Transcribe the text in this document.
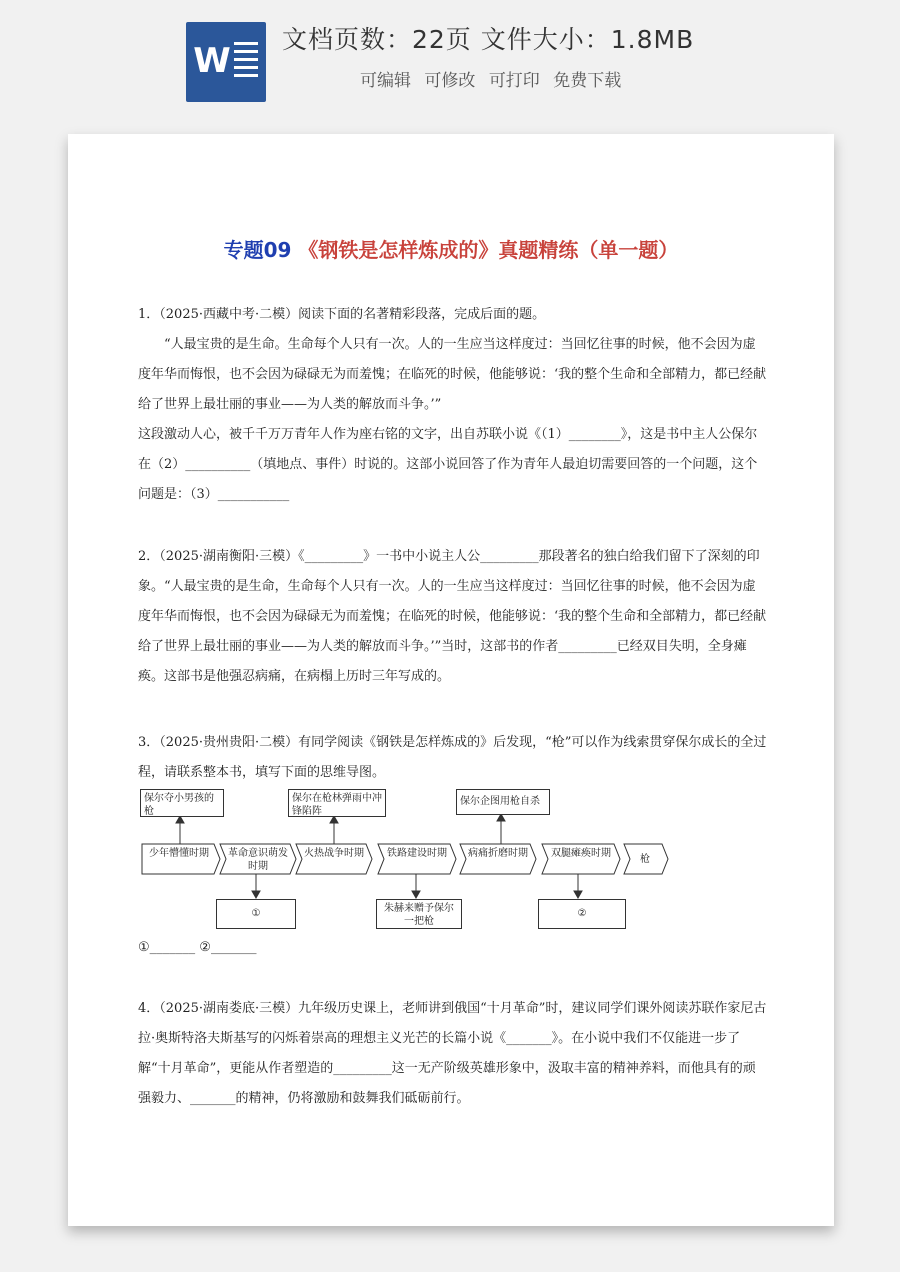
W
文档页数：22页 文件大小：1.8MB
可编辑 可修改 可打印 免费下载
专题09 《钢铁是怎样炼成的》真题精练（单一题）

1．（2025·西藏中考·二模）阅读下面的名著精彩段落，完成后面的题。

“人最宝贵的是生命。生命每个人只有一次。人的一生应当这样度过：当回忆往事的时候，他不会因为虚度年华而悔恨，也不会因为碌碌无为而羞愧；在临死的时候，他能够说：‘我的整个生命和全部精力，都已经献给了世界上最壮丽的事业——为人类的解放而斗争。’”

这段激动人心，被千千万万青年人作为座右铭的文字，出自苏联小说《（1）________》，这是书中主人公保尔在（2）__________（填地点、事件）时说的。这部小说回答了作为青年人最迫切需要回答的一个问题，这个问题是：（3）___________

2．（2025·湖南衡阳·三模）《_________》一书中小说主人公_________那段著名的独白给我们留下了深刻的印象。“人最宝贵的是生命，生命每个人只有一次。人的一生应当这样度过：当回忆往事的时候，他不会因为虚度年华而悔恨，也不会因为碌碌无为而羞愧；在临死的时候，他能够说：‘我的整个生命和全部精力，都已经献给了世界上最壮丽的事业——为人类的解放而斗争。’”当时，这部书的作者_________已经双目失明，全身瘫痪。这部书是他强忍病痛，在病榻上历时三年写成的。

3．（2025·贵州贵阳·二模）有同学阅读《钢铁是怎样炼成的》后发现，“枪”可以作为线索贯穿保尔成长的全过程，请联系整本书，填写下面的思维导图。

保尔夺小男孩的枪
保尔在枪林弹雨中冲锋陷阵
保尔企图用枪自杀
少年懵懂时期	革命意识萌发时期
火热战争时期 铁路建设时期 病痛折磨时期 双腿瘫痪时期
枪
①	朱赫来赠予保尔一把枪
②
①_______ ②_______

4．（2025·湖南娄底·三模）九年级历史课上，老师讲到俄国“十月革命”时，建议同学们课外阅读苏联作家尼古拉·奥斯特洛夫斯基写的闪烁着崇高的理想主义光芒的长篇小说《_______》。在小说中我们不仅能进一步了解“十月革命”，更能从作者塑造的_________这一无产阶级英雄形象中，汲取丰富的精神养料，而他具有的顽强毅力、_______的精神，仍将激励和鼓舞我们砥砺前行。
